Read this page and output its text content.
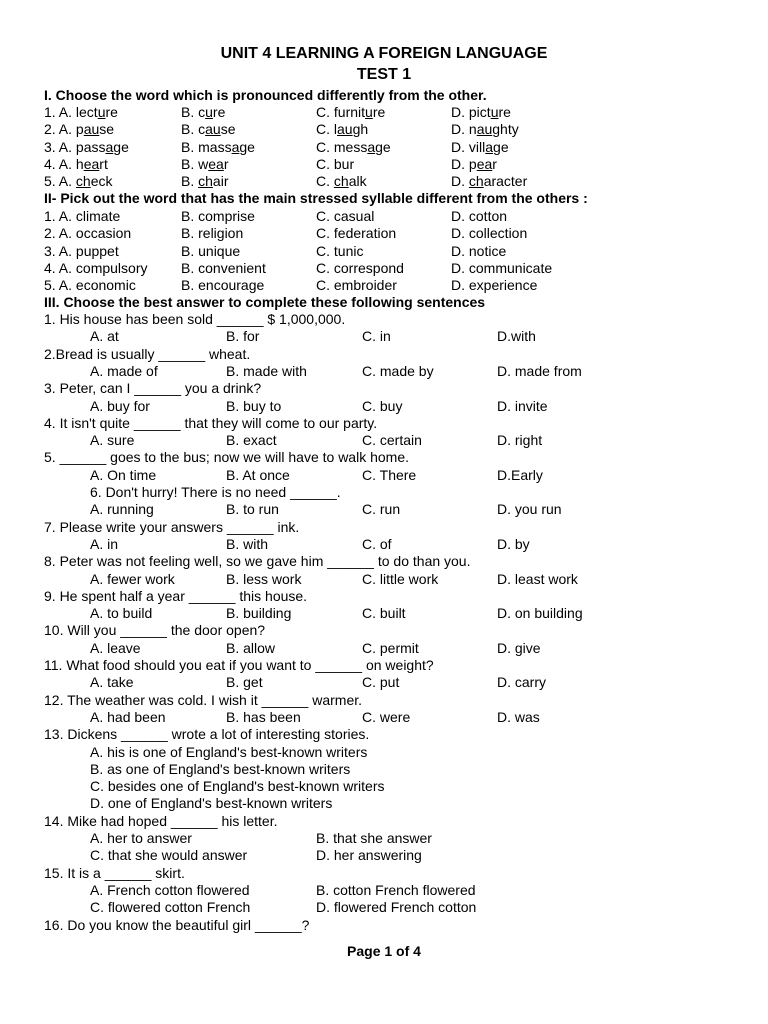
UNIT 4 LEARNING A FOREIGN LANGUAGE
TEST 1
I. Choose the word which is pronounced differently from the other.
1. A. lecture	B. cure	C. furniture	D. picture
2. A. pause	B. cause	C. laugh	D. naughty
3. A. passage	B. massage	C. message	D. village
4. A. heart	B. wear	C. bur	D. pear
5. A. check	B. chair	C. chalk	D. character
II- Pick out the word that has the main stressed syllable different from the others :
1. A. climate	B. comprise	C. casual	D. cotton
2. A. occasion	B. religion	C. federation	D. collection
3. A. puppet	B. unique	C. tunic	D. notice
4. A. compulsory B. convenient	C. correspond	D. communicate
5. A. economic	B. encourage	C. embroider	D. experience
III. Choose the best answer to complete these following sentences
1. His house has been sold ______ $ 1,000,000.
A. at	B. for	C. in	D.with
2.Bread is usually ______ wheat.
A. made of	B. made with	C. made by	D. made from
3. Peter, can I ______ you a drink?
A. buy for	B. buy to	C. buy	D. invite
4. It isn't quite ______ that they will come to our party.
A. sure	B. exact	C. certain	D. right
5. ______ goes to the bus; now we will have to walk home.
A. On time	B. At once	C. There	D.Early
6. Don't hurry! There is no need ______.
A. running	B. to run	C. run	D. you run
7. Please write your answers ______ ink.
A. in	B. with	C. of	D. by
8. Peter was not feeling well, so we gave him ______ to do than you.
A. fewer work	B. less work	C. little work	D. least work
9. He spent half a year ______ this house.
A. to build	B. building	C. built	D. on building
10. Will you ______ the door open?
A. leave	B. allow	C. permit	D. give
11. What food should you eat if you want to ______ on weight?
A. take	B. get	C. put	D. carry
12. The weather was cold. I wish it ______ warmer.
A. had been	B. has been	C. were	D. was
13. Dickens ______ wrote a lot of interesting stories.
A. his is one of England's best-known writers
B. as one of England's best-known writers
C. besides one of England's best-known writers
D. one of England's best-known writers
14. Mike had hoped ______ his letter.
A. her to answer	B. that she answer
C. that she would answer	D. her answering
15. It is a ______ skirt.
A. French cotton flowered	B. cotton French flowered
C. flowered cotton French	D. flowered French cotton
16. Do you know the beautiful girl ______?
Page 1 of 4
